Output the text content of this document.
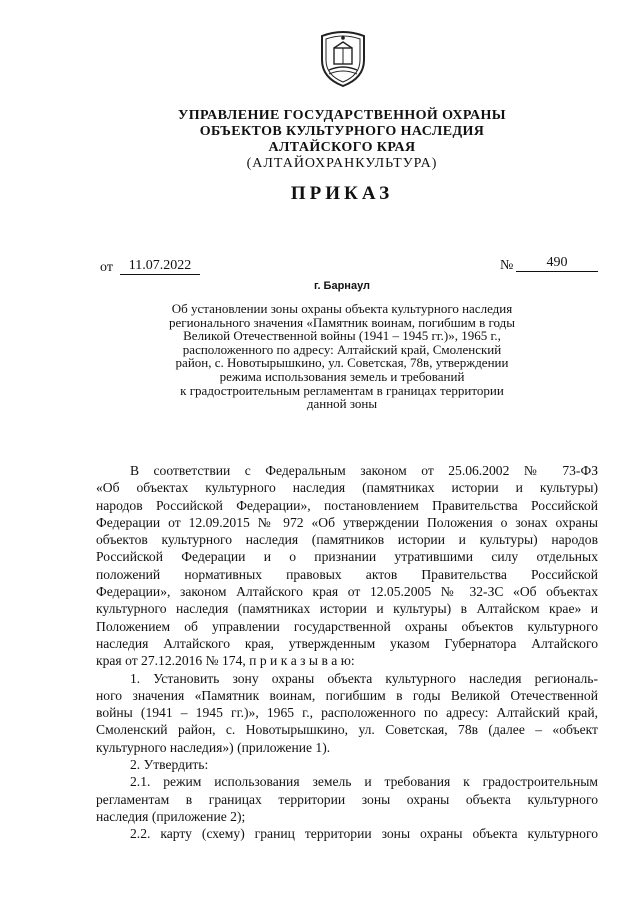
УПРАВЛЕНИЕ ГОСУДАРСТВЕННОЙ ОХРАНЫ
ОБЪЕКТОВ КУЛЬТУРНОГО НАСЛЕДИЯ
АЛТАЙСКОГО КРАЯ
(АЛТАЙОХРАНКУЛЬТУРА)
ПРИКАЗ
от	11.07.2022	№	490
г. Барнаул
Об установлении зоны охраны объекта культурного наследия
регионального значения «Памятник воинам, погибшим в годы
Великой Отечественной войны (1941 – 1945 гг.)», 1965 г.,
расположенного по адресу: Алтайский край, Смоленский
район, с. Новотырышкино, ул. Советская, 78в, утверждении
режима использования земель и требований
к градостроительным регламентам в границах территории
данной зоны
В соответствии с Федеральным законом от 25.06.2002 № 73-ФЗ
«Об объектах культурного наследия (памятниках истории и культуры)
народов Российской Федерации», постановлением Правительства Российской
Федерации от 12.09.2015 № 972 «Об утверждении Положения о зонах охраны
объектов культурного наследия (памятников истории и культуры) народов
Российской Федерации и о признании утратившими силу отдельных
положений нормативных правовых актов Правительства Российской
Федерации», законом Алтайского края от 12.05.2005 № 32-ЗС «Об объектах
культурного наследия (памятниках истории и культуры) в Алтайском крае» и
Положением об управлении государственной охраны объектов культурного
наследия Алтайского края, утвержденным указом Губернатора Алтайского
края от 27.12.2016 № 174, п р и к а з ы в а ю:
1. Установить зону охраны объекта культурного наследия региональ-
ного значения «Памятник воинам, погибшим в годы Великой Отечественной
войны (1941 – 1945 гг.)», 1965 г., расположенного по адресу: Алтайский край,
Смоленский район, с. Новотырышкино, ул. Советская, 78в (далее – «объект
культурного наследия») (приложение 1).
2. Утвердить:
2.1. режим использования земель и требования к градостроительным
регламентам в границах территории зоны охраны объекта культурного
наследия (приложение 2);
2.2. карту (схему) границ территории зоны охраны объекта культурного
